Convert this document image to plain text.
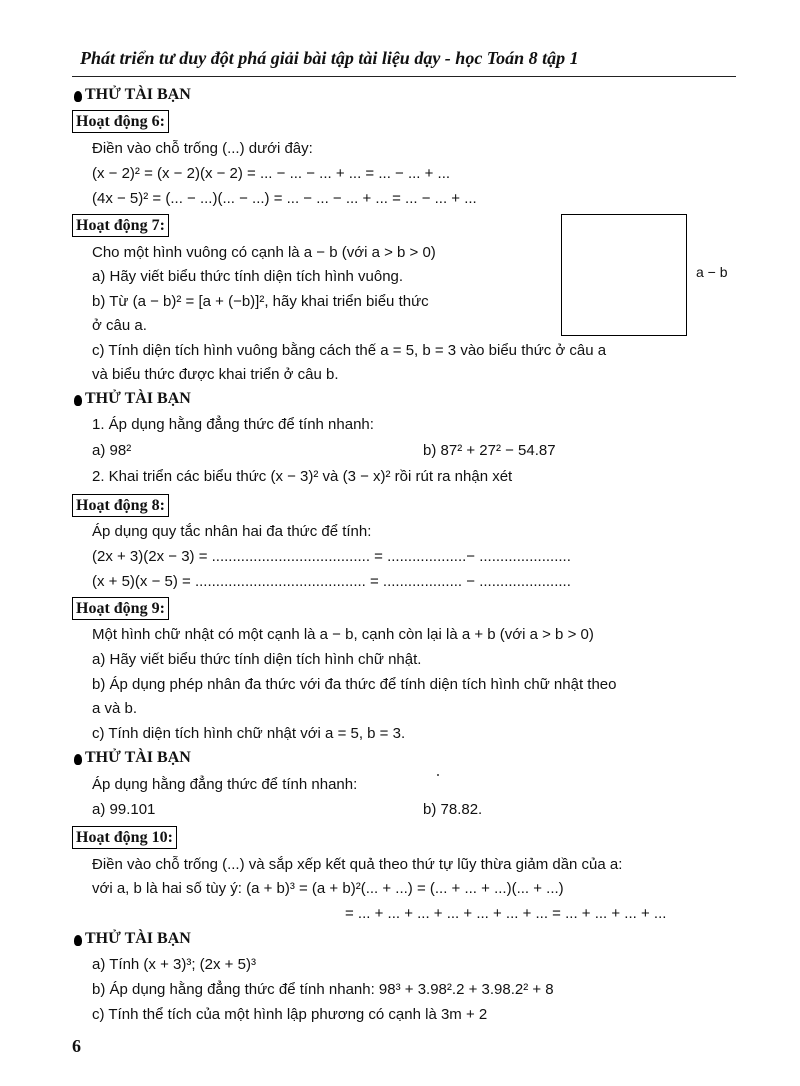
Phát triển tư duy đột phá giải bài tập tài liệu dạy - học Toán 8 tập 1
THỬ TÀI BẠN
Hoạt động 6:
Điền vào chỗ trống (...) dưới đây:
(x − 2)² = (x − 2)(x − 2) = ... − ... − ... + ... = ... − ... + ...
(4x − 5)² = (... − ...)(... − ...) = ... − ... − ... + ... = ... − ... + ...
Hoạt động 7:
Cho một hình vuông có cạnh là a − b (với a > b > 0)
a) Hãy viết biểu thức tính diện tích hình vuông.
b) Từ (a − b)² = [a + (−b)]², hãy khai triển biểu thức
ở câu a.
c) Tính diện tích hình vuông bằng cách thế a = 5, b = 3 vào biểu thức ở câu a
và biểu thức được khai triển ở câu b.
a − b
THỬ TÀI BẠN
1. Áp dụng hằng đẳng thức để tính nhanh:
a) 98²	b) 87² + 27² − 54.87
2. Khai triển các biểu thức (x − 3)² và (3 − x)² rồi rút ra nhận xét
Hoạt động 8:
Áp dụng quy tắc nhân hai đa thức để tính:
(2x + 3)(2x − 3) = ...................................... = ...................− ......................
(x + 5)(x − 5) = ......................................... = ................... − ......................
Hoạt động 9:
Một hình chữ nhật có một cạnh là a − b, cạnh còn lại là a + b (với a > b > 0)
a) Hãy viết biểu thức tính diện tích hình chữ nhật.
b) Áp dụng phép nhân đa thức với đa thức để tính diện tích hình chữ nhật theo
a và b.
c) Tính diện tích hình chữ nhật với a = 5, b = 3.
THỬ TÀI BẠN
Áp dụng hằng đẳng thức để tính nhanh:
a) 99.101	b) 78.82.
Hoạt động 10:
Điền vào chỗ trống (...) và sắp xếp kết quả theo thứ tự lũy thừa giảm dần của a:
với a, b là hai số tùy ý: (a + b)³ = (a + b)²(... + ...) = (... + ... + ...)(... + ...)
= ... + ... + ... + ... + ... + ... + ... = ... + ... + ... + ...
THỬ TÀI BẠN
a) Tính (x + 3)³; (2x + 5)³
b) Áp dụng hằng đẳng thức để tính nhanh: 98³ + 3.98².2 + 3.98.2² + 8
c) Tính thể tích của một hình lập phương có cạnh là 3m + 2
6
